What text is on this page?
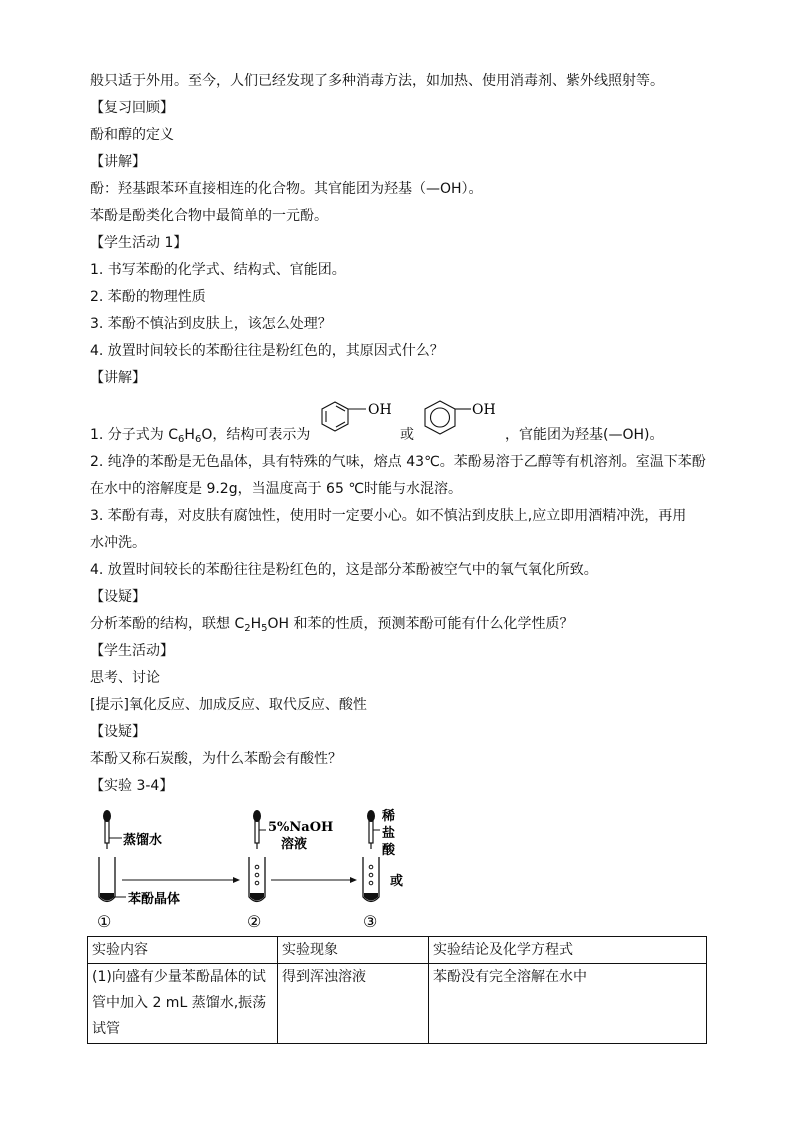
般只适于外用。至今，人们已经发现了多种消毒方法，如加热、使用消毒剂、紫外线照射等。
【复习回顾】
酚和醇的定义
【讲解】
酚：羟基跟苯环直接相连的化合物。其官能团为羟基（—OH）。
苯酚是酚类化合物中最简单的一元酚。
【学生活动 1】
1. 书写苯酚的化学式、结构式、官能团。
2. 苯酚的物理性质
3. 苯酚不慎沾到皮肤上，该怎么处理？
4. 放置时间较长的苯酚往往是粉红色的，其原因式什么？
【讲解】
1. 分子式为 $C_6H_6O$，结构可表示为
OH
或
OH
，官能团为羟基(—OH)。
2. 纯净的苯酚是无色晶体，具有特殊的气味，熔点 43℃。苯酚易溶于乙醇等有机溶剂。室温下苯酚
在水中的溶解度是 9.2g，当温度高于 65 ℃时能与水混溶。
3. 苯酚有毒，对皮肤有腐蚀性，使用时一定要小心。如不慎沾到皮肤上,应立即用酒精冲洗，再用
水冲洗。
4. 放置时间较长的苯酚往往是粉红色的，这是部分苯酚被空气中的氧气氧化所致。
【设疑】
分析苯酚的结构，联想 $C_2H_5OH$ 和苯的性质，预测苯酚可能有什么化学性质？
【学生活动】
思考、讨论
[提示]氧化反应、加成反应、取代反应、酸性
【设疑】
苯酚又称石炭酸，为什么苯酚会有酸性？
【实验 3-4】
蒸馏水
苯酚晶体
①
5%NaOH
溶液
②
稀
盐
酸
或
③
实验内容	实验现象	实验结论及化学方程式

(1)向盛有少量苯酚晶体的试
管中加入 2 mL 蒸馏水,振荡
试管	得到浑浊溶液	苯酚没有完全溶解在水中
